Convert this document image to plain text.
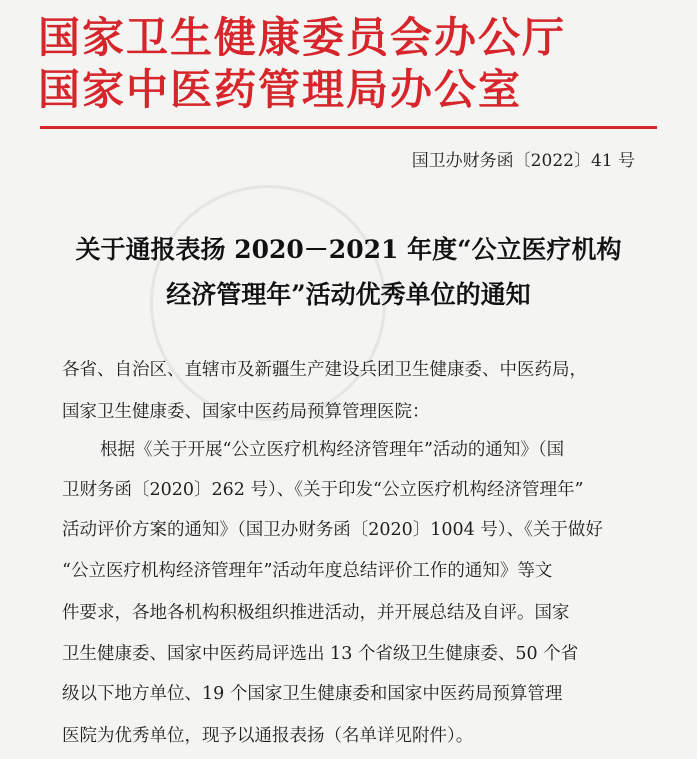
国家卫生健康委员会办公厅
国家中医药管理局办公室
国卫办财务函〔2022〕41 号
关于通报表扬 2020－2021 年度“公立医疗机构
经济管理年”活动优秀单位的通知
各省、自治区、直辖市及新疆生产建设兵团卫生健康委、中医药局，
国家卫生健康委、国家中医药局预算管理医院：
根据《关于开展“公立医疗机构经济管理年”活动的通知》（国
卫财务函〔2020〕262 号）、《关于印发“公立医疗机构经济管理年”
活动评价方案的通知》（国卫办财务函〔2020〕1004 号）、《关于做好
“公立医疗机构经济管理年”活动年度总结评价工作的通知》等文
件要求，各地各机构积极组织推进活动，并开展总结及自评。国家
卫生健康委、国家中医药局评选出 13 个省级卫生健康委、50 个省
级以下地方单位、19 个国家卫生健康委和国家中医药局预算管理
医院为优秀单位，现予以通报表扬（名单详见附件）。
